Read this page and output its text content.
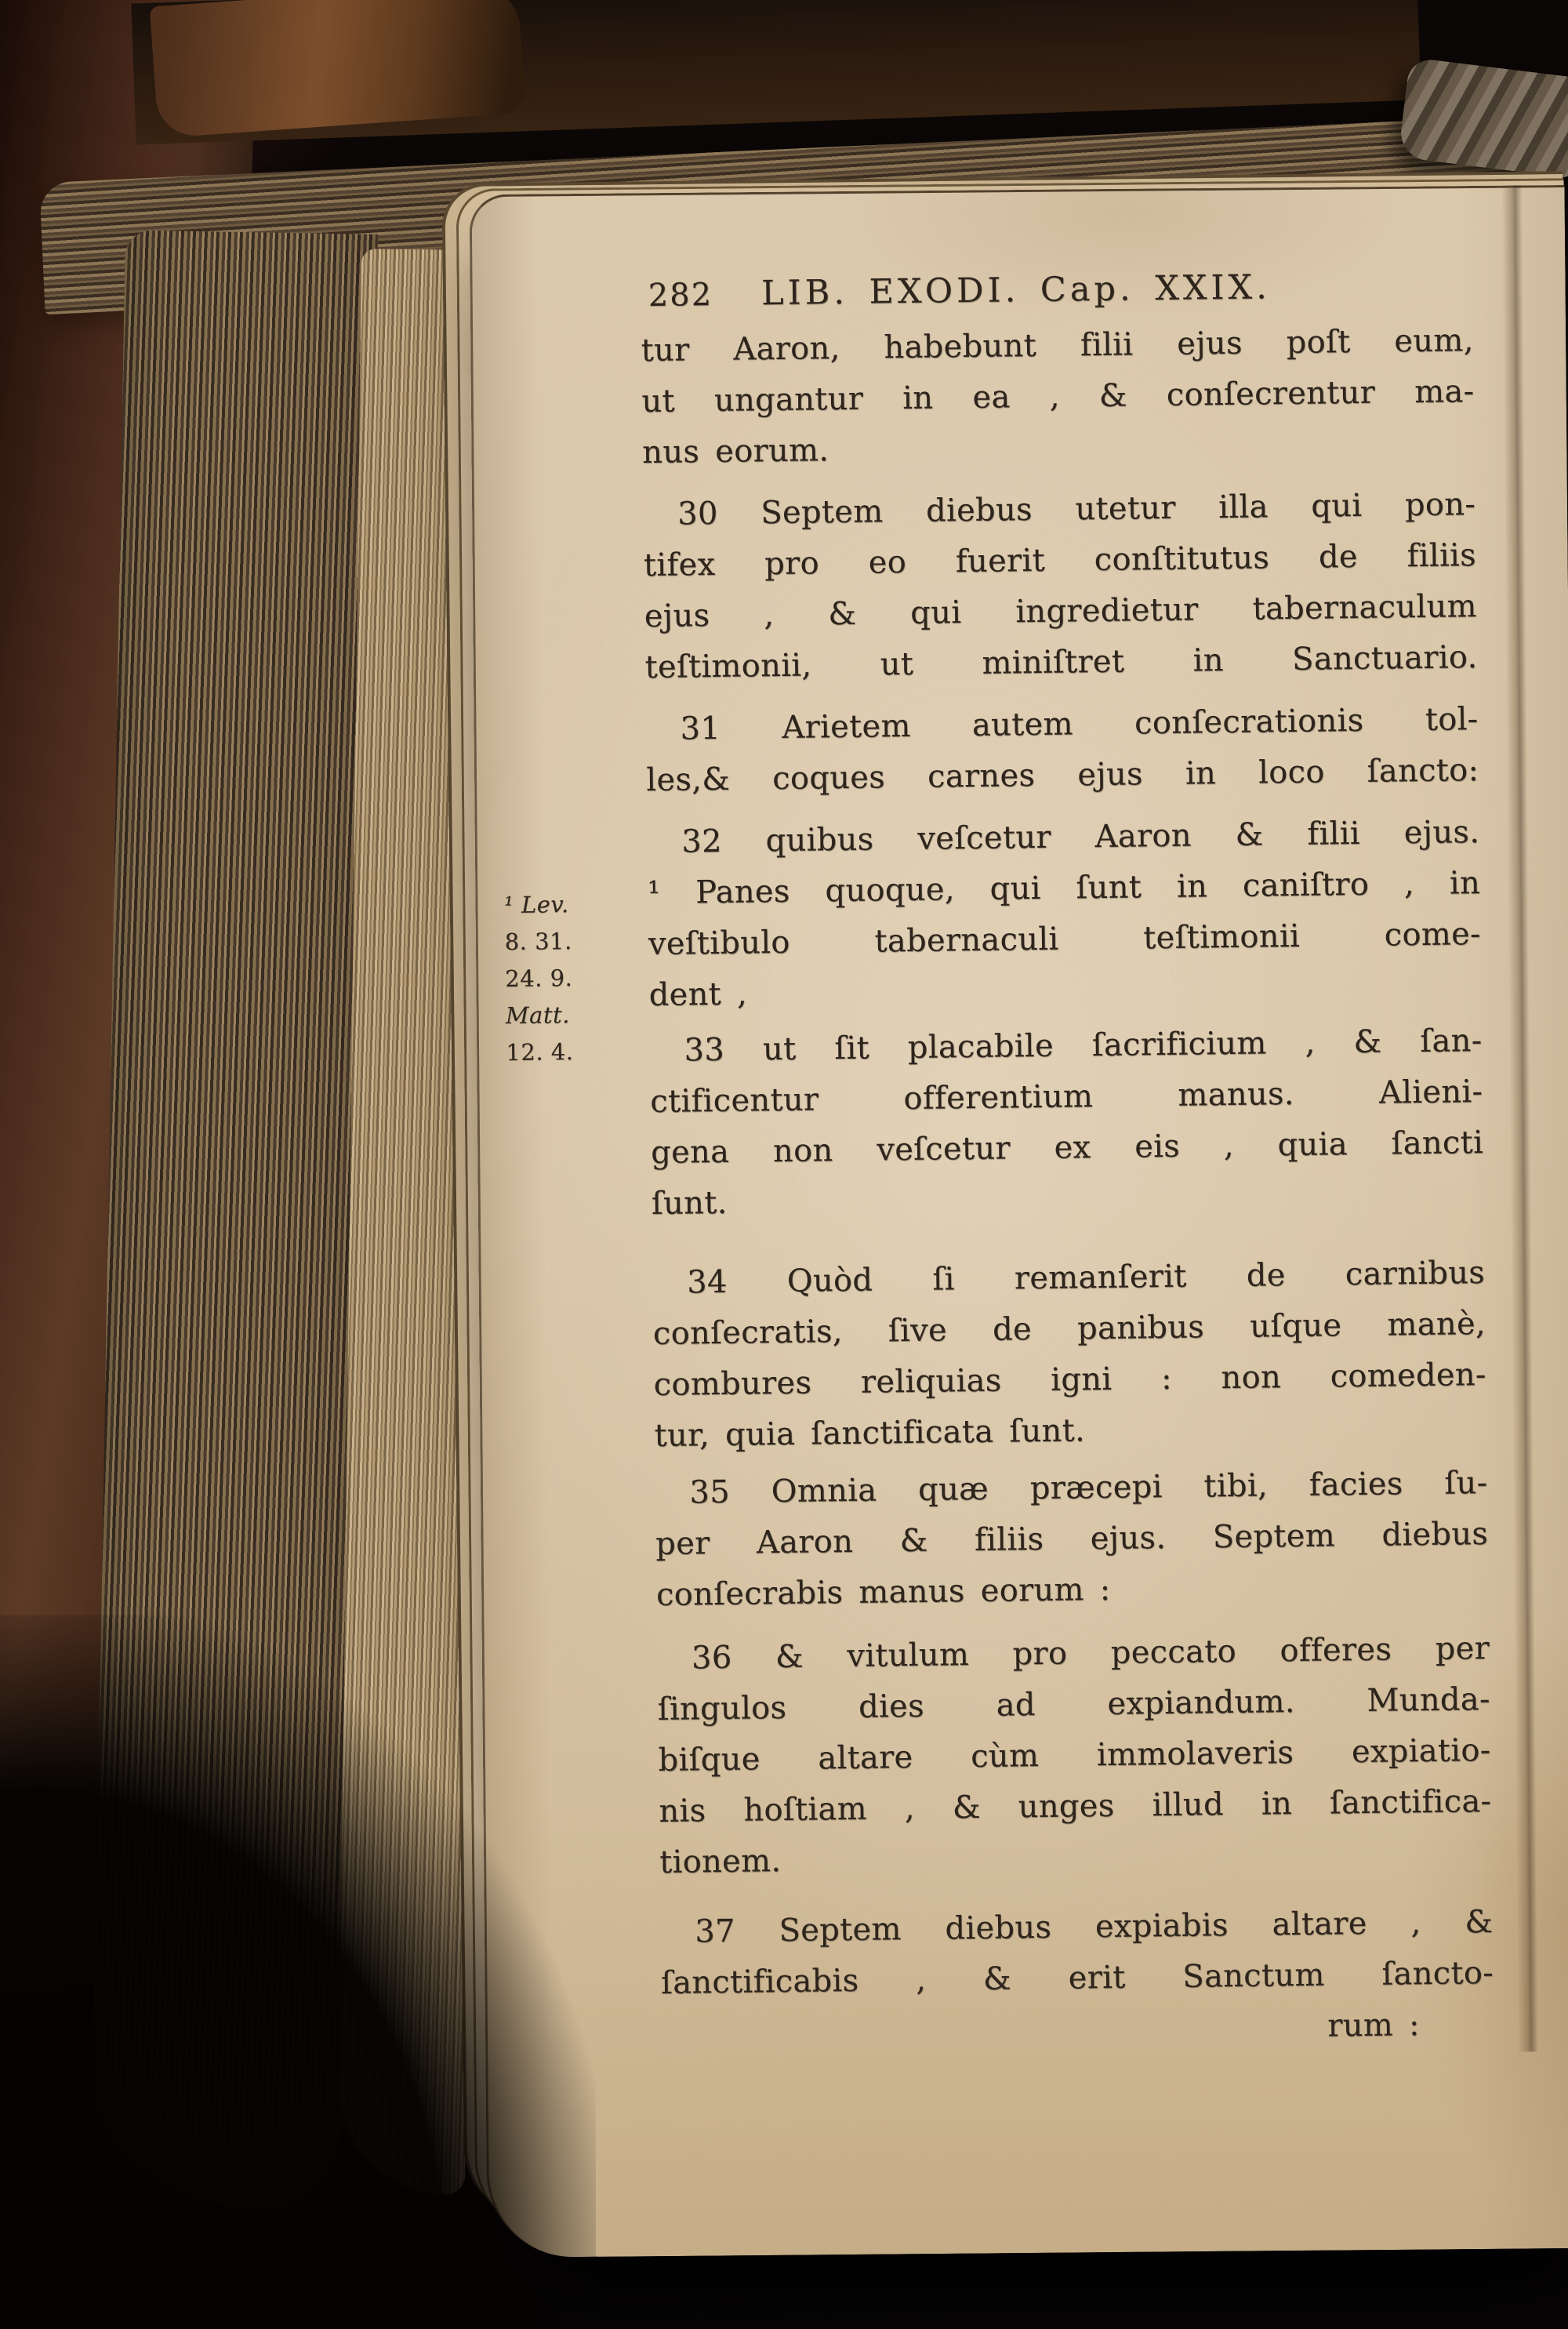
¹ Lev.
8. 31.
24. 9.
Matt.
12. 4.
282 LIB. EXODI. Cap. XXIX.
tur Aaron, habebunt filii ejus poſt eum,
ut ungantur in ea , & conſecrentur ma-
nus eorum.
30 Septem diebus utetur illa qui pon-
tifex pro eo fuerit conſtitutus de filiis
ejus , & qui ingredietur tabernaculum
teſtimonii, ut miniſtret in Sanctuario.
31 Arietem autem conſecrationis tol-
les,& coques carnes ejus in loco ſancto:
32 quibus veſcetur Aaron & filii ejus.
¹ Panes quoque, qui ſunt in caniſtro , in
veſtibulo tabernaculi teſtimonii come-
dent ,
33 ut ſit placabile ſacrificium , & ſan-
ctificentur offerentium manus. Alieni-
gena non veſcetur ex eis , quia ſancti
ſunt.
34 Quòd ſi remanſerit de carnibus
conſecratis, ſive de panibus uſque manè,
combures reliquias igni : non comeden-
tur, quia ſanctificata ſunt.
35 Omnia quæ præcepi tibi, facies ſu-
per Aaron & filiis ejus. Septem diebus
conſecrabis manus eorum :
36 & vitulum pro peccato offeres per
ſingulos dies ad expiandum. Munda-
biſque altare cùm immolaveris expiatio-
nis hoſtiam , & unges illud in ſanctifica-
tionem.
37 Septem diebus expiabis altare , &
ſanctificabis , & erit Sanctum ſancto-
rum :
